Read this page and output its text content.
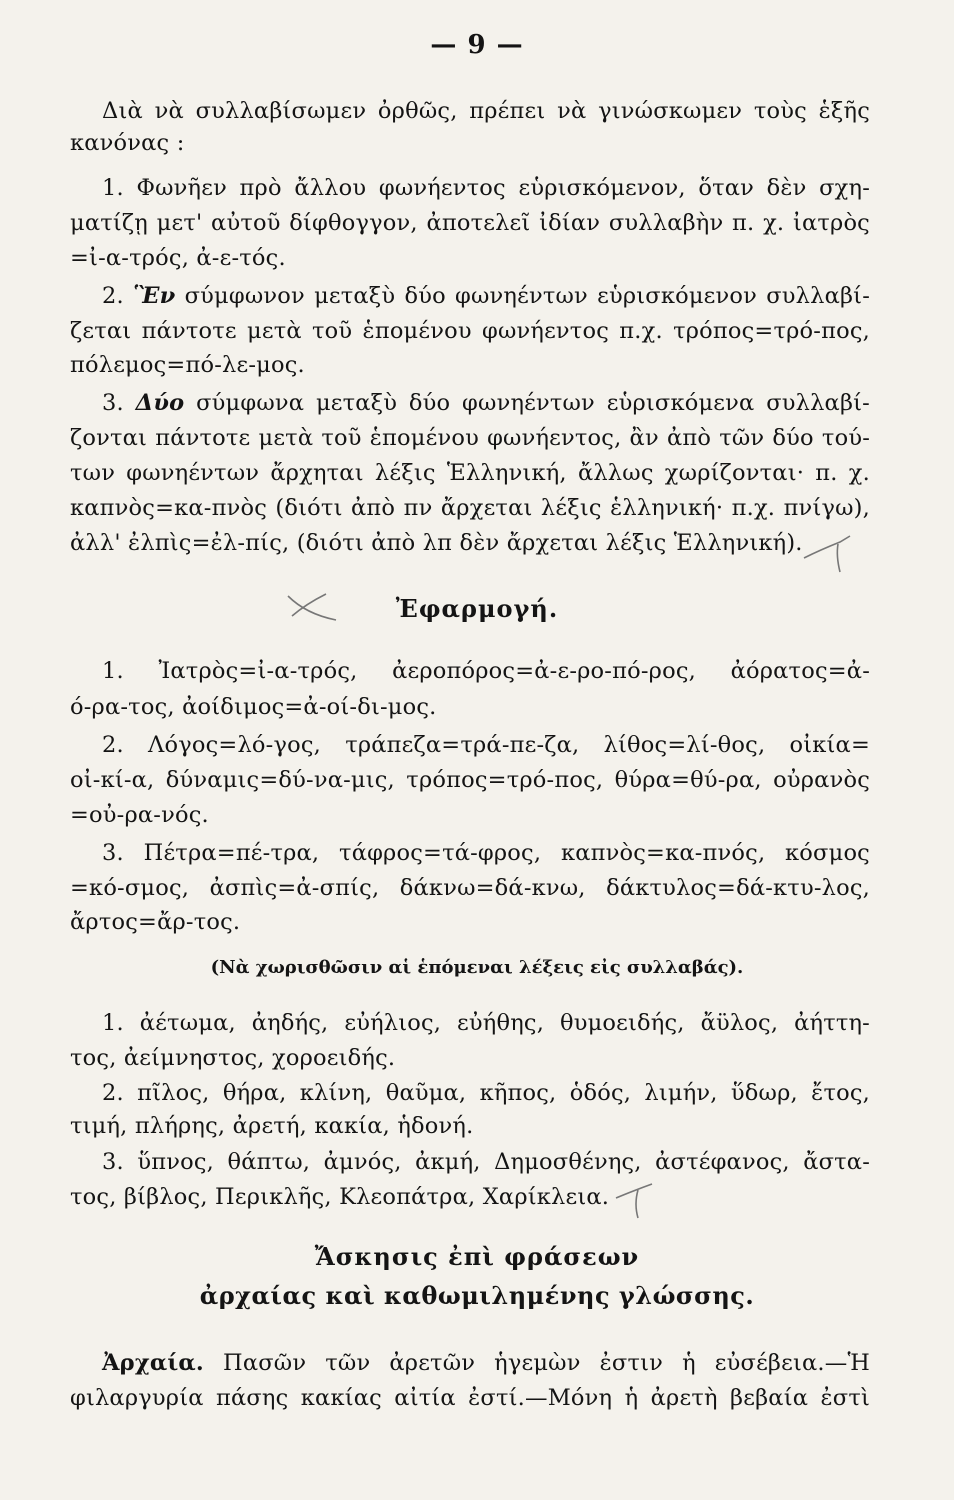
— 9 —
Διὰ νὰ συλλαβίσωμεν ὀρθῶς, πρέπει νὰ γινώσκωμεν τοὺς ἑξῆς
κανόνας :
1. Φωνῆεν πρὸ ἄλλου φωνήεντος εὑρισκόμενον, ὅταν δὲν σχη-
ματίζῃ μετ' αὐτοῦ δίφθογγον, ἀποτελεῖ ἰδίαν συλλαβὴν π. χ. ἰατρὸς
=ἰ-α-τρός, ἀ-ε-τός.
2. Ἓν σύμφωνον μεταξὺ δύο φωνηέντων εὑρισκόμενον συλλαβί-
ζεται πάντοτε μετὰ τοῦ ἑπομένου φωνήεντος π.χ. τρόπος=τρό-πος,
πόλεμος=πό-λε-μος.
3. Δύο σύμφωνα μεταξὺ δύο φωνηέντων εὑρισκόμενα συλλαβί-
ζονται πάντοτε μετὰ τοῦ ἑπομένου φωνήεντος, ἂν ἀπὸ τῶν δύο τού-
των φωνηέντων ἄρχηται λέξις Ἑλληνική, ἄλλως χωρίζονται· π. χ.
καπνὸς=κα-πνὸς (διότι ἀπὸ πν ἄρχεται λέξις ἑλληνική· π.χ. πνίγω),
ἀλλ' ἐλπὶς=ἐλ-πίς, (διότι ἀπὸ λπ δὲν ἄρχεται λέξις Ἑλληνική).
Ἐφαρμογή.
1. Ἰατρὸς=ἰ-α-τρός, ἀεροπόρος=ἀ-ε-ρο-πό-ρος, ἀόρατος=ἀ-
ό-ρα-τος, ἀοίδιμος=ἀ-οί-δι-μος.
2. Λόγος=λό-γος, τράπεζα=τρά-πε-ζα, λίθος=λί-θος, οἰκία=
οἰ-κί-α, δύναμις=δύ-να-μις, τρόπος=τρό-πος, θύρα=θύ-ρα, οὐρανὸς
=οὐ-ρα-νός.
3. Πέτρα=πέ-τρα, τάφρος=τά-φρος, καπνὸς=κα-πνός, κόσμος
=κό-σμος, ἀσπὶς=ἀ-σπίς, δάκνω=δά-κνω, δάκτυλος=δά-κτυ-λος,
ἄρτος=ἄρ-τος.
(Νὰ χωρισθῶσιν αἱ ἑπόμεναι λέξεις εἰς συλλαβάς).
1. ἀέτωμα, ἀηδής, εὐήλιος, εὐήθης, θυμοειδής, ἄϋλος, ἀήττη-
τος, ἀείμνηστος, χοροειδής.
2. πῖλος, θήρα, κλίνη, θαῦμα, κῆπος, ὁδός, λιμήν, ὕδωρ, ἔτος,
τιμή, πλήρης, ἀρετή, κακία, ἡδονή.
3. ὕπνος, θάπτω, ἀμνός, ἀκμή, Δημοσθένης, ἀστέφανος, ἄστα-
τος, βίβλος, Περικλῆς, Κλεοπάτρα, Χαρίκλεια.
Ἄσκησις ἐπὶ φράσεων
ἀρχαίας καὶ καθωμιλημένης γλώσσης.
Ἀρχαία. Πασῶν τῶν ἀρετῶν ἡγεμὼν ἐστιν ἡ εὐσέβεια.—Ἡ
φιλαργυρία πάσης κακίας αἰτία ἐστί.—Μόνη ἡ ἀρετὴ βεβαία ἐστὶ
